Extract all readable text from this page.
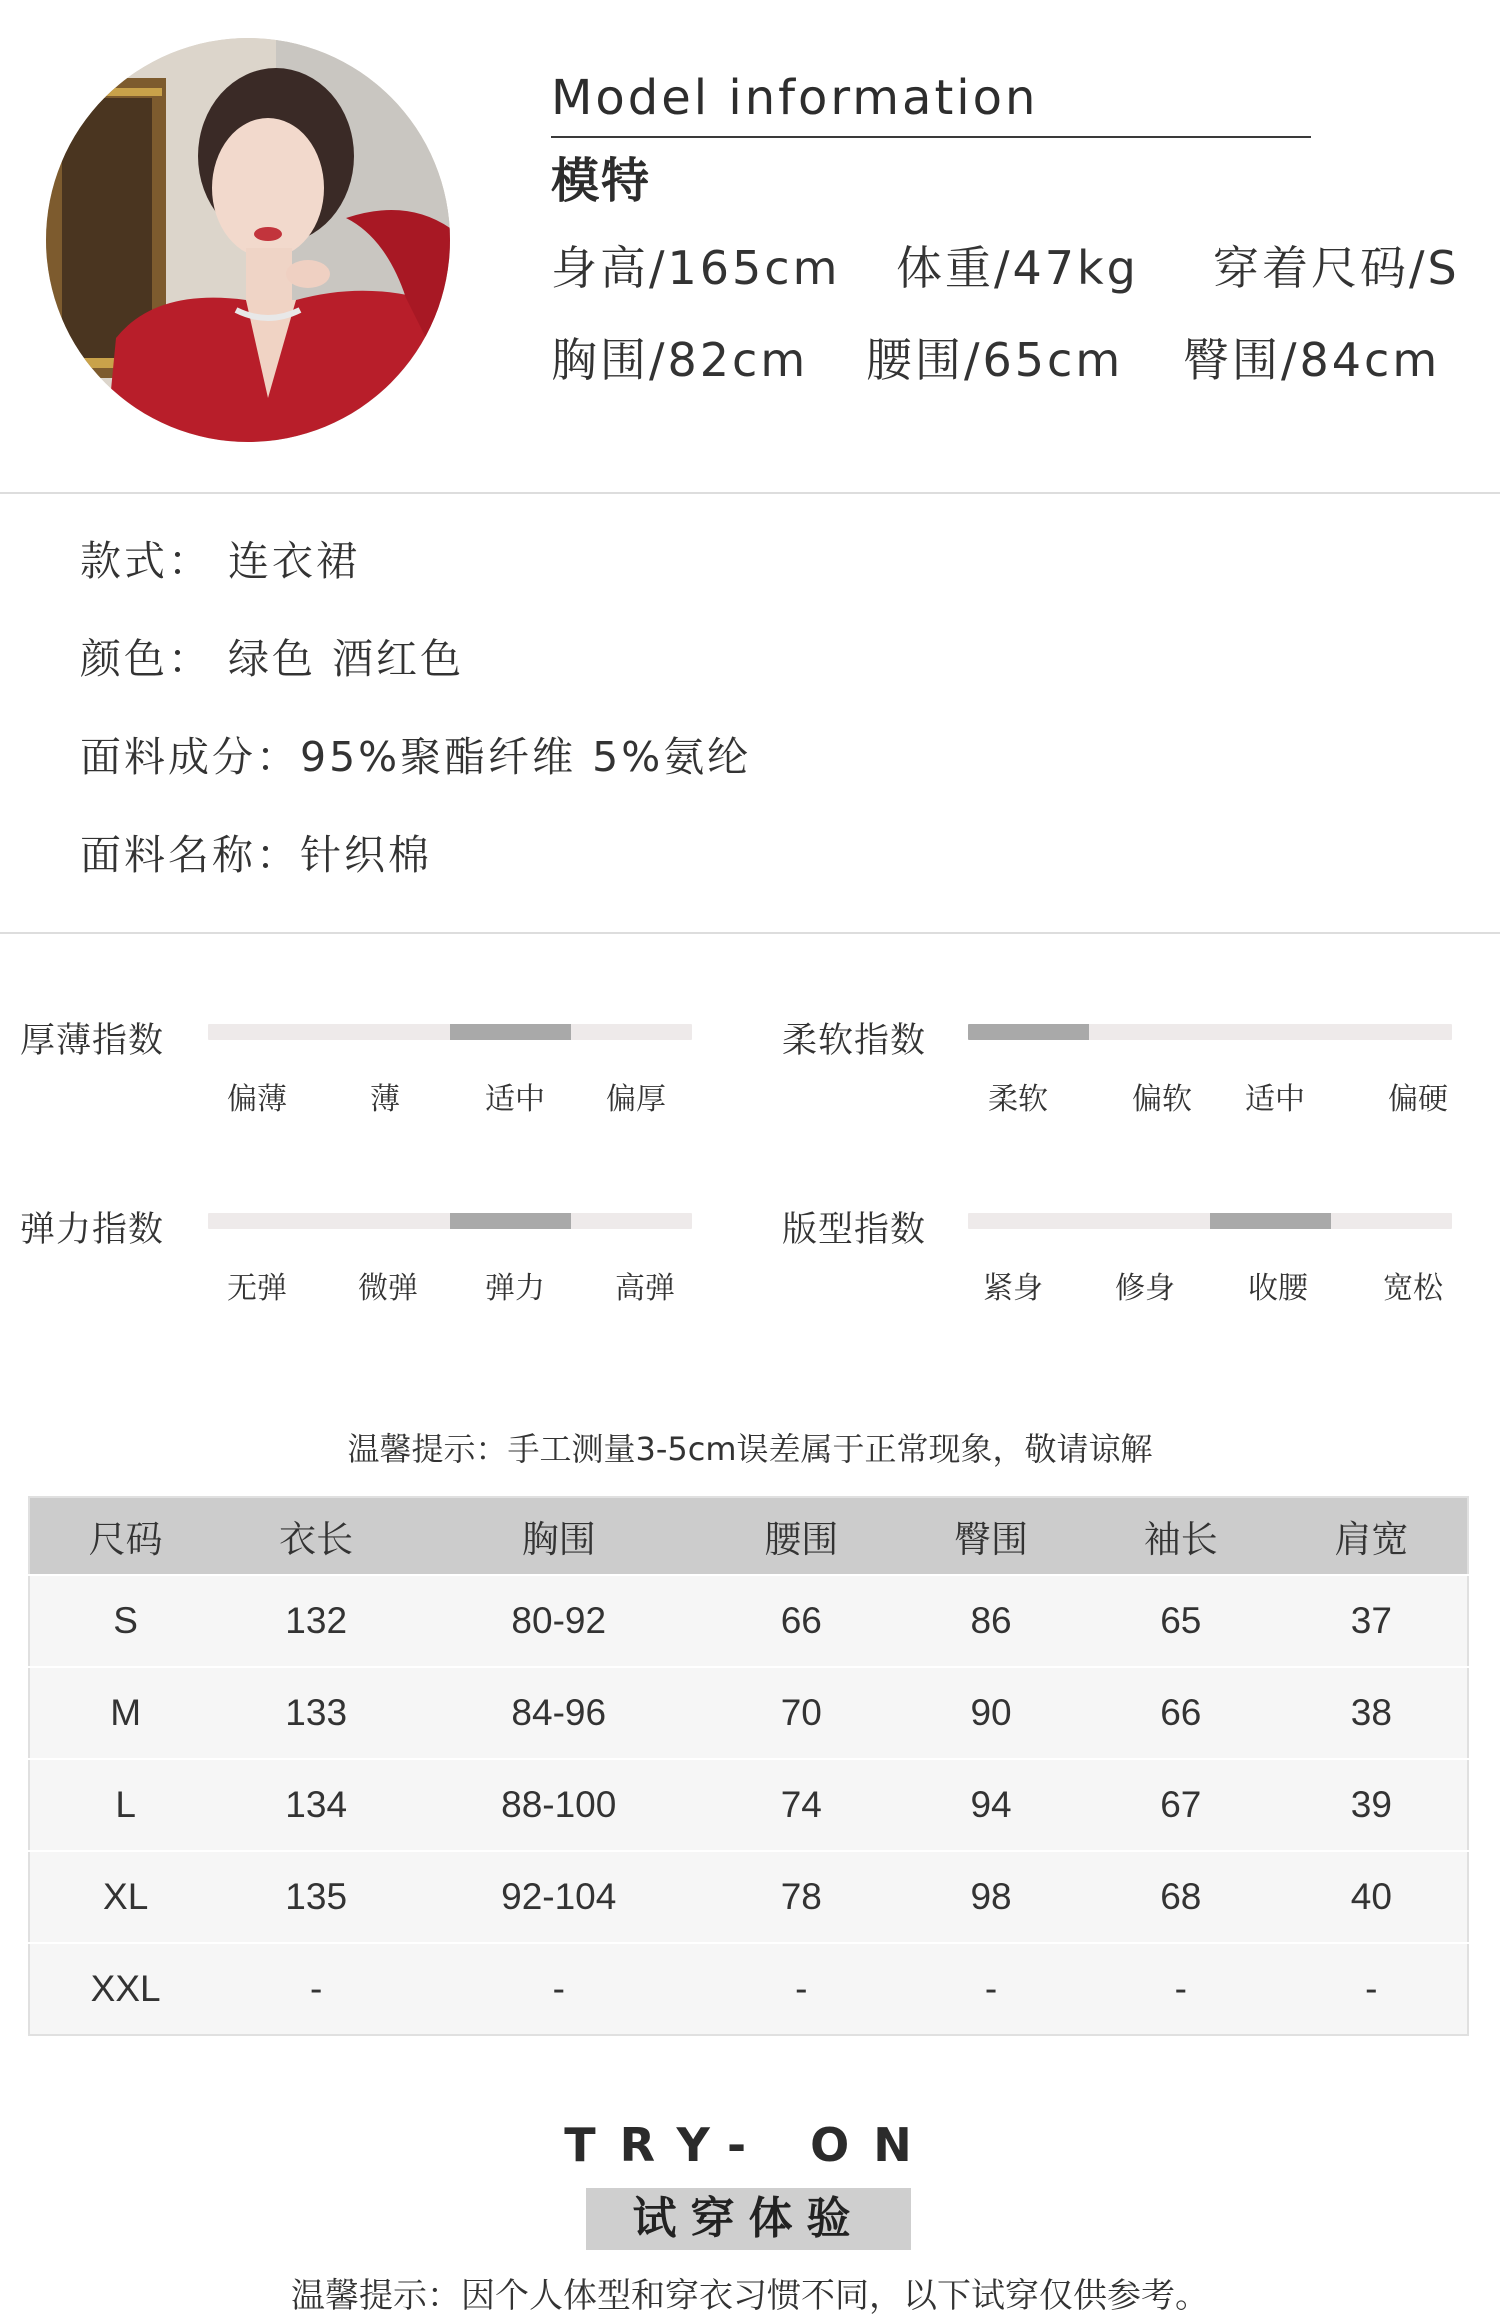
Model information
模特
身高/165cm 体重/47kg 穿着尺码/S
胸围/82cm 腰围/65cm 臀围/84cm
款式： 连衣裙
颜色： 绿色 酒红色
面料成分：95%聚酯纤维 5%氨纶
面料名称：针织棉
厚薄指数
偏薄	薄	适中 偏厚
柔软指数
柔软	偏软 适中	偏硬
弹力指数
无弹 微弹 弹力 高弹
版型指数
紧身 修身 收腰	宽松
温馨提示：手工测量3-5cm误差属于正常现象，敬请谅解
尺码	衣长	胸围	腰围	臀围	袖长	肩宽
S	132	80-92	66	86	65	37
M	133	84-96	70	90	66	38
L	134	88-100	74	94	67	39
XL	135	92-104	78	98	68	40
XXL	-	-	-	-	-	-
TRY- ON
试穿体验
温馨提示：因个人体型和穿衣习惯不同，以下试穿仅供参考。
